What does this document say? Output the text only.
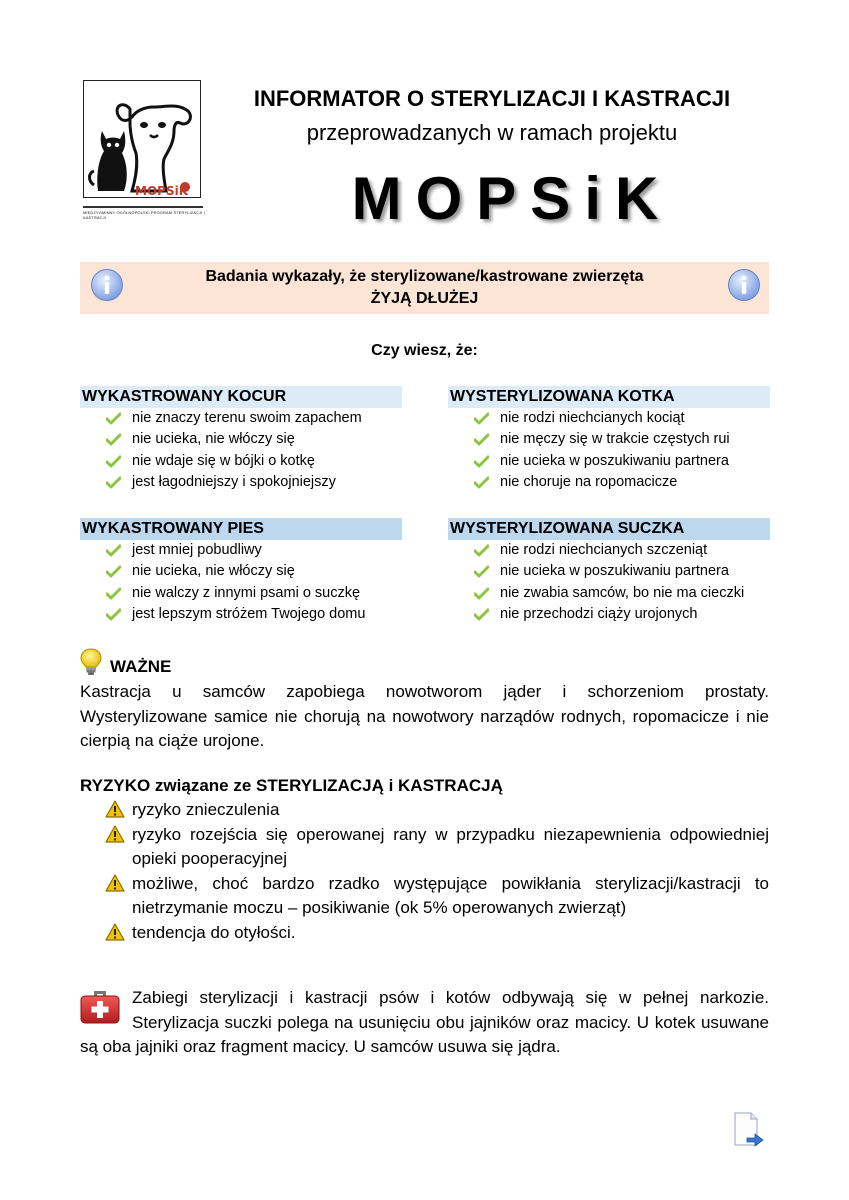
MOPSiK
MIĘDZYGMINNY OGÓLNOPOLSKI PROGRAM STERYLIZACJI I KASTRACJI
INFORMATOR O STERYLIZACJI I KASTRACJI
przeprowadzanych w ramach projektu
MOPSiK
Badania wykazały, że sterylizowane/kastrowane zwierzęta
ŻYJĄ DŁUŻEJ
Czy wiesz, że:
WYKASTROWANY KOCUR
nie znaczy terenu swoim zapachem
nie ucieka, nie włóczy się
nie wdaje się w bójki o kotkę
jest łagodniejszy i spokojniejszy
WYSTERYLIZOWANA KOTKA
nie rodzi niechcianych kociąt
nie męczy się w trakcie częstych rui
nie ucieka w poszukiwaniu partnera
nie choruje na ropomacicze
WYKASTROWANY PIES
jest mniej pobudliwy
nie ucieka, nie włóczy się
nie walczy z innymi psami o suczkę
jest lepszym stróżem Twojego domu
WYSTERYLIZOWANA SUCZKA
nie rodzi niechcianych szczeniąt
nie ucieka w poszukiwaniu partnera
nie zwabia samców, bo nie ma cieczki
nie przechodzi ciąży urojonych
WAŻNE
Kastracja u samców zapobiega nowotworom jąder i schorzeniom prostaty. Wysterylizowane samice nie chorują na nowotwory narządów rodnych, ropomacicze i nie cierpią na ciąże urojone.
RYZYKO związane ze STERYLIZACJĄ i KASTRACJĄ
ryzyko znieczulenia
ryzyko rozejścia się operowanej rany w przypadku niezapewnienia odpowiedniej opieki pooperacyjnej
możliwe, choć bardzo rzadko występujące powikłania sterylizacji/kastracji to nietrzymanie moczu – posikiwanie (ok 5% operowanych zwierząt)
tendencja do otyłości.
Zabiegi sterylizacji i kastracji psów i kotów odbywają się w pełnej narkozie. Sterylizacja suczki polega na usunięciu obu jajników oraz macicy. U kotek usuwane są oba jajniki oraz fragment macicy. U samców usuwa się jądra.
